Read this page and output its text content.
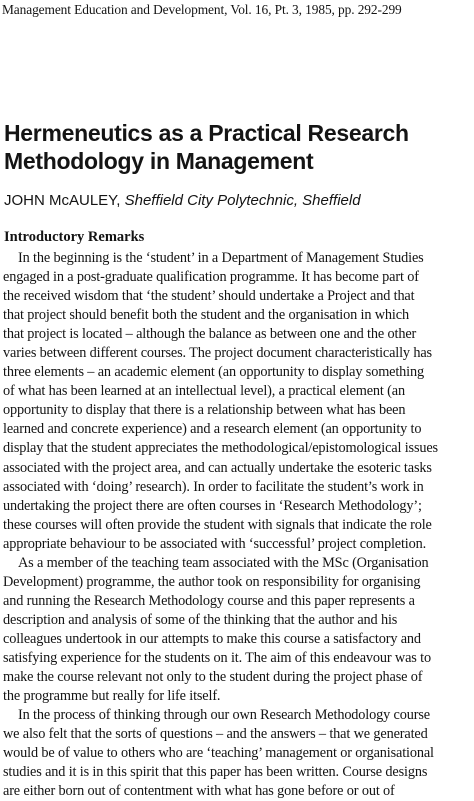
Management Education and Development, Vol. 16, Pt. 3, 1985, pp. 292-299
Hermeneutics as a Practical Research
Methodology in Management
JOHN McAULEY, Sheffield City Polytechnic, Sheffield
Introductory Remarks
In the beginning is the ‘student’ in a Department of Management Studies
engaged in a post-graduate qualification programme. It has become part of
the received wisdom that ‘the student’ should undertake a Project and that
that project should benefit both the student and the organisation in which
that project is located – although the balance as between one and the other
varies between different courses. The project document characteristically has
three elements – an academic element (an opportunity to display something
of what has been learned at an intellectual level), a practical element (an
opportunity to display that there is a relationship between what has been
learned and concrete experience) and a research element (an opportunity to
display that the student appreciates the methodological/epistomological issues
associated with the project area, and can actually undertake the esoteric tasks
associated with ‘doing’ research). In order to facilitate the student’s work in
undertaking the project there are often courses in ‘Research Methodology’;
these courses will often provide the student with signals that indicate the role
appropriate behaviour to be associated with ‘successful’ project completion.
As a member of the teaching team associated with the MSc (Organisation
Development) programme, the author took on responsibility for organising
and running the Research Methodology course and this paper represents a
description and analysis of some of the thinking that the author and his
colleagues undertook in our attempts to make this course a satisfactory and
satisfying experience for the students on it. The aim of this endeavour was to
make the course relevant not only to the student during the project phase of
the programme but really for life itself.
In the process of thinking through our own Research Methodology course
we also felt that the sorts of questions – and the answers – that we generated
would be of value to others who are ‘teaching’ management or organisational
studies and it is in this spirit that this paper has been written. Course designs
are either born out of contentment with what has gone before or out of
